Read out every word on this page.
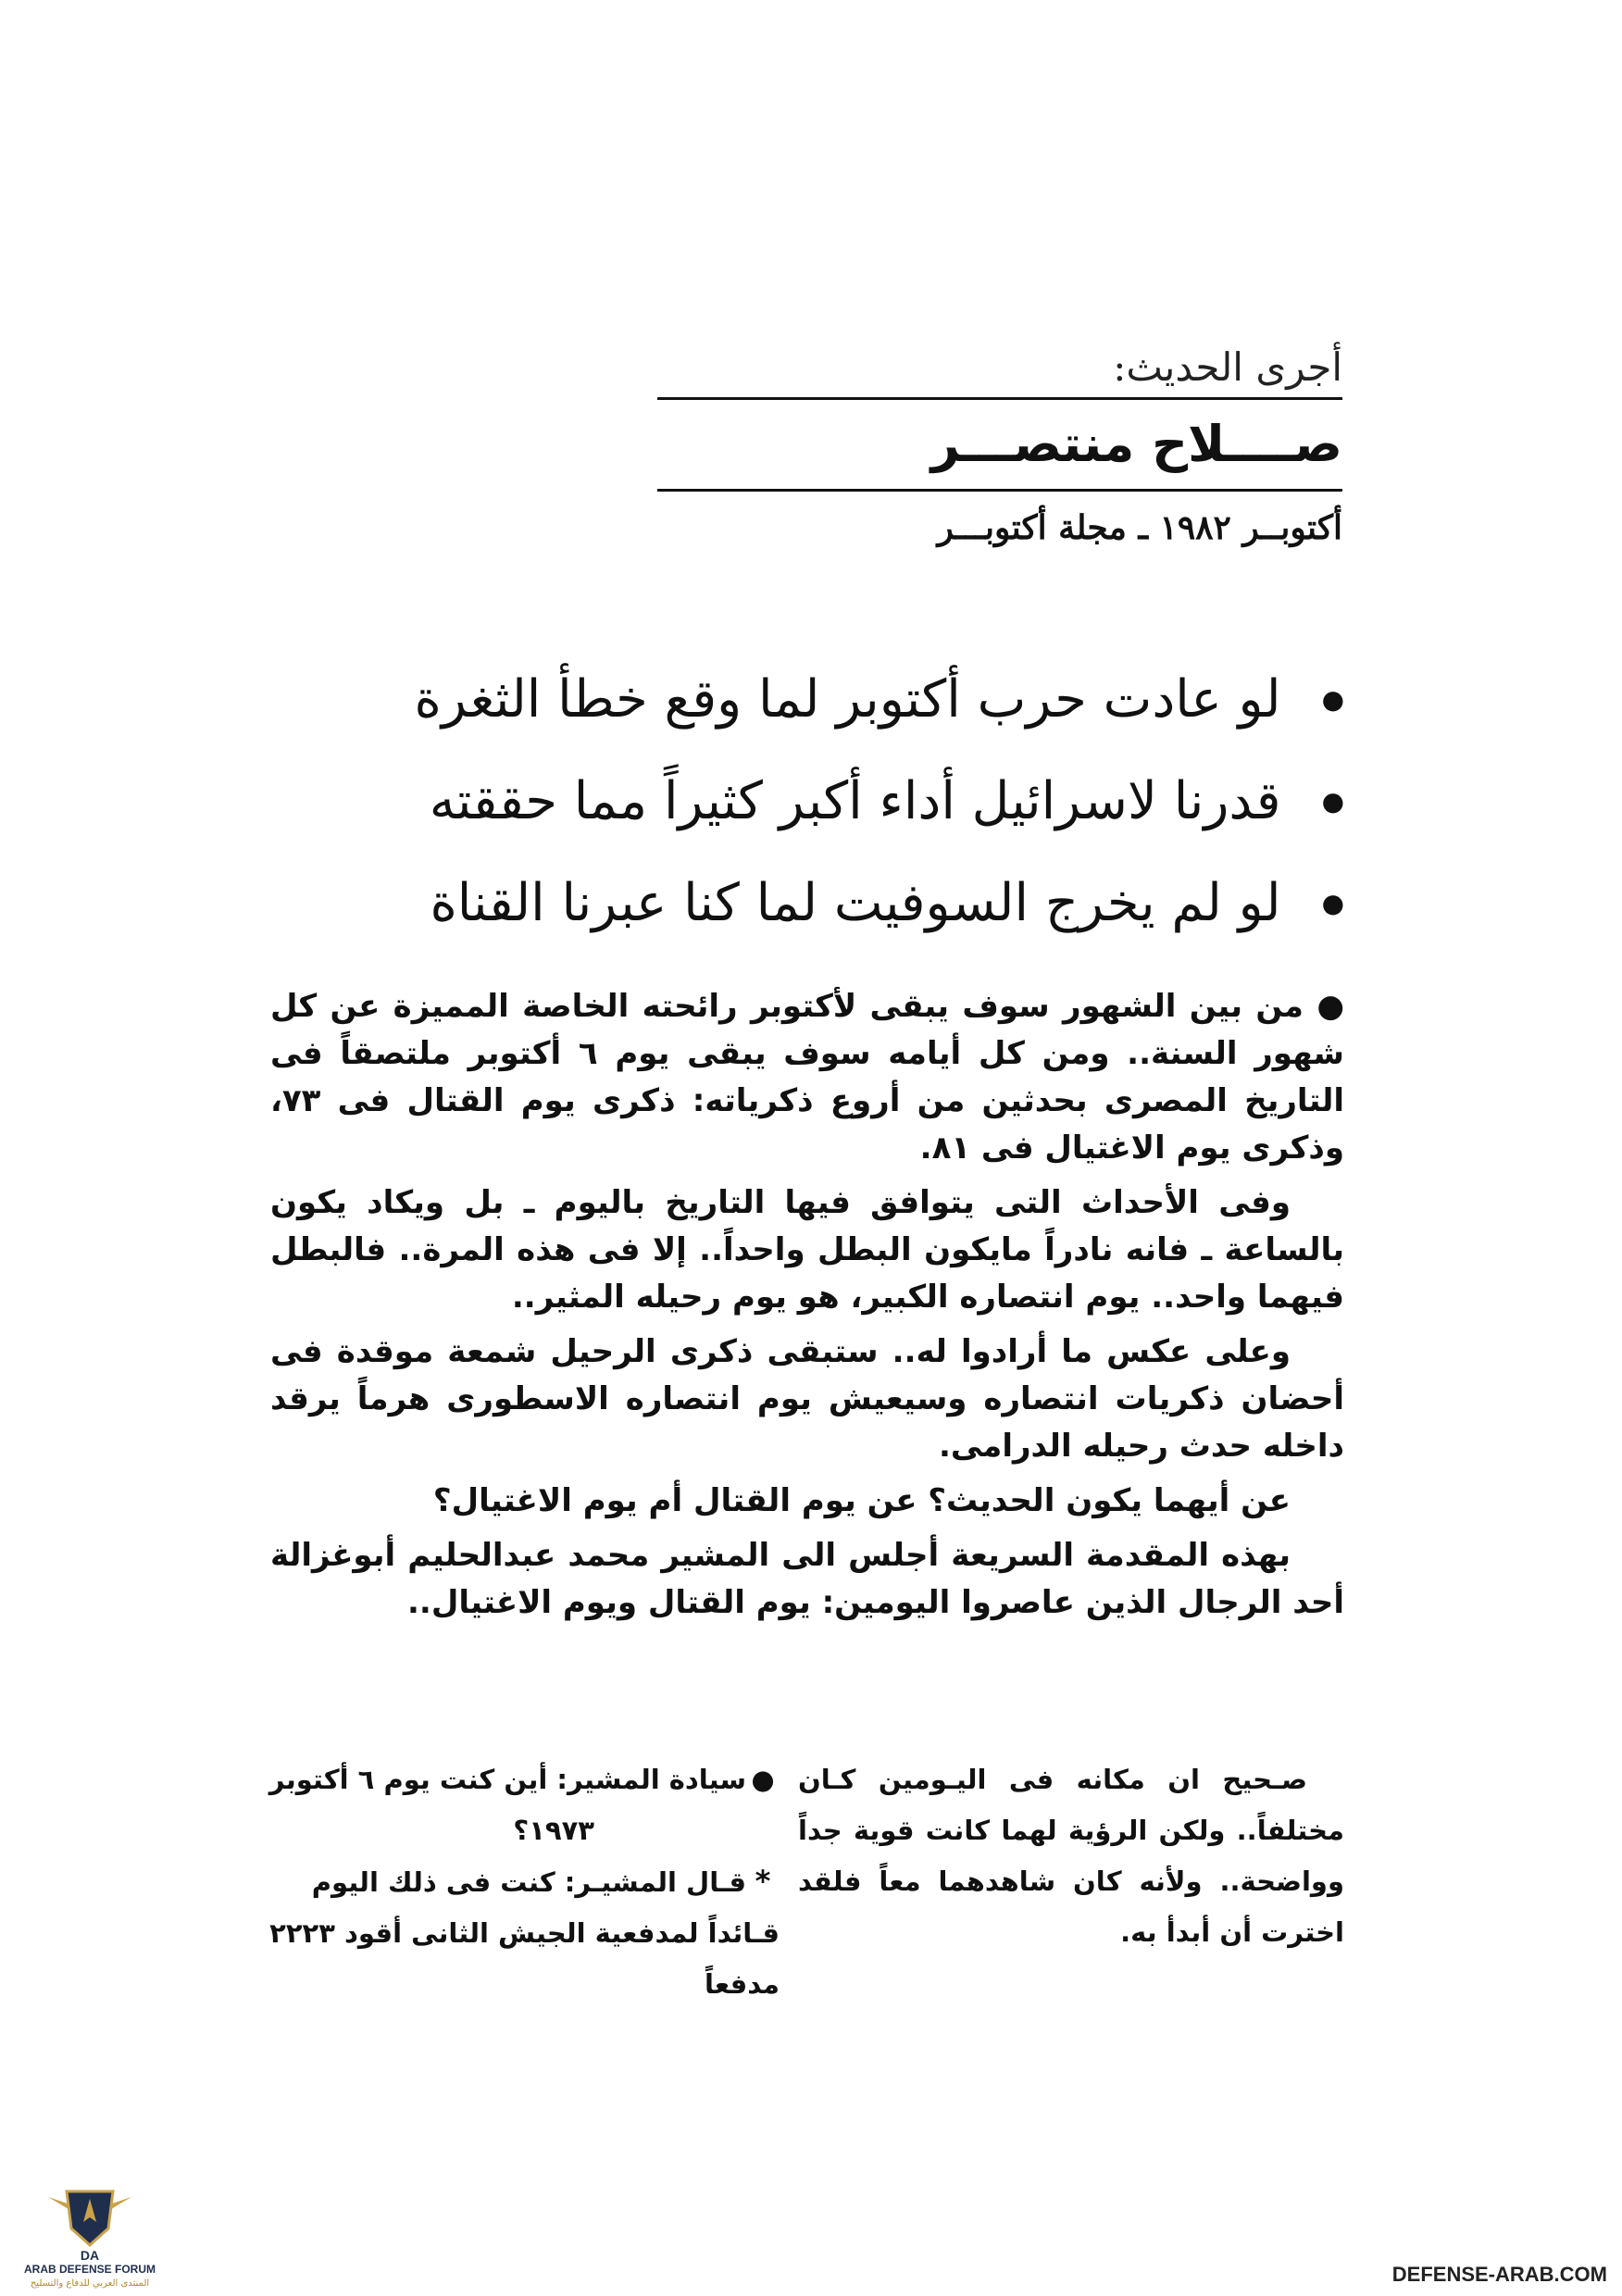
أجرى الحديث:
صــــلاح منتصـــر
أكتوبــر ١٩٨٢ ـ مجلة أكتوبـــر
●
لو عادت حرب أكتوبر لما وقع خطأ الثغرة
●
قدرنا لاسرائيل أداء أكبر كثيراً مما حققته
●
لو لم يخرج السوفيت لما كنا عبرنا القناة

● من بين الشهور سوف يبقى لأكتوبر رائحته الخاصة المميزة عن كل شهور السنة.. ومن كل أيامه سوف يبقى يوم ٦ أكتوبر ملتصقاً فى التاريخ المصرى بحدثين من أروع ذكرياته: ذكرى يوم القتال فى ٧٣، وذكرى يوم الاغتيال فى ٨١.

وفى الأحداث التى يتوافق فيها التاريخ باليوم ـ بل ويكاد يكون بالساعة ـ فانه نادراً مايكون البطل واحداً.. إلا فى هذه المرة.. فالبطل فيهما واحد.. يوم انتصاره الكبير، هو يوم رحيله المثير..

وعلى عكس ما أرادوا له.. ستبقى ذكرى الرحيل شمعة موقدة فى أحضان ذكريات انتصاره وسيعيش يوم انتصاره الاسطورى هرماً يرقد داخله حدث رحيله الدرامى.

عن أيهما يكون الحديث؟ عن يوم القتال أم يوم الاغتيال؟

بهذه المقدمة السريعة أجلس الى المشير محمد عبدالحليم أبوغزالة أحد الرجال الذين عاصروا اليومين: يوم القتال ويوم الاغتيال..

صـحيح ان مكانه فى اليـومين كـان مختلفاً.. ولكن الرؤية لهما كانت قوية جداً وواضحة.. ولأنه كان شاهدهما معاً فلقد اخترت أن أبدأ به.

●سيادة المشير: أين كنت يوم ٦ أكتوبر
١٩٧٣؟

*قـال المشيـر: كنت فى ذلك اليوم قـائداً لمدفعية الجيش الثانى أقود ٢٢٢٣ مدفعاً

DA
ARAB DEFENSE FORUM
المنتدى العربي للدفاع والتسليح	DEFENSE-ARAB.COM
